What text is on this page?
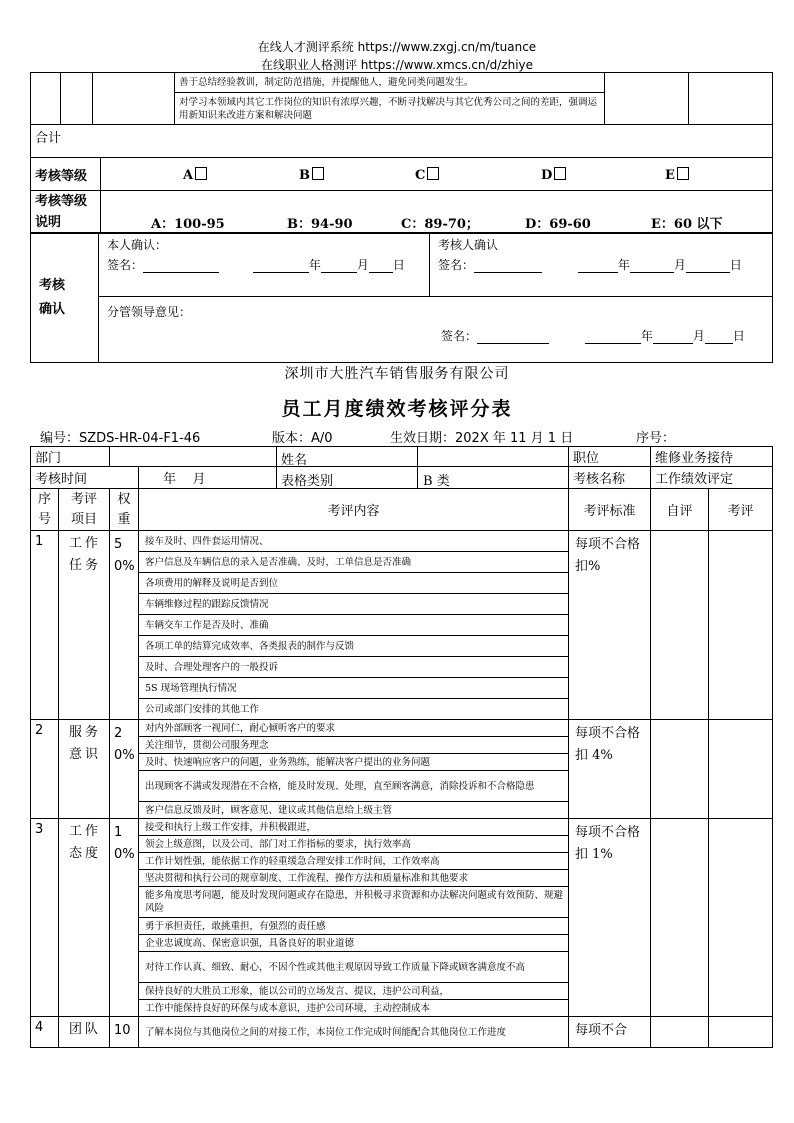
在线人才测评系统 https://www.zxgj.cn/m/tuance
在线职业人格测评 https://www.xmcs.cn/d/zhiye
			善于总结经验教训，制定防范措施，并提醒他人，避免同类问题发生。		
对学习本领域内其它工作岗位的知识有浓厚兴趣，不断寻找解决与其它优秀公司之间的差距，强调运用新知识来改进方案和解决问题
合计	
考核等级	A B C D E

考核等级说明	A：100-95 B：94-90 C：89-70； D：69-60 E：60 以下
考核确认	
本人确认：
签名：	年	月 日

考核人确认
签名：	年	月	日

分管领导意见：
签名：	年	月 日
深圳市大胜汽车销售服务有限公司
员工月度绩效考核评分表
编号：SZDS-HR-04-F1-46	版本：A/0	生效日期：202X 年 11 月 1 日	序号：
部门				姓名	职位	维修业务接待	
考核时间			年    月	表格类别 B 类	考核名称	工作绩效评定	
序号	考评项目	权重	考评内容		考评标准	自评	考评
1	工作任务	50%	接车及时、四件套运用情况、		每项不合格扣%		
			客户信息及车辆信息的录入是否准确、及时，工单信息是否准确				
			各项费用的解释及说明是否到位				
			车辆维修过程的跟踪反馈情况				
			车辆交车工作是否及时、准确				
			各项工单的结算完成效率、各类报表的制作与反馈				
			及时、合理处理客户的一般投诉				
			5S 现场管理执行情况				
			公司或部门安排的其他工作				
2	服务意识	20%	对内外部顾客一视同仁，耐心倾听客户的要求		每项不合格扣 4%		
			关注细节，贯彻公司服务理念				
			及时、快速响应客户的问题，业务熟练，能解决客户提出的业务问题				
			出现顾客不满或发现潜在不合格，能及时发现、处理，直至顾客满意，消除投诉和不合格隐患				
			客户信息反馈及时，顾客意见、建议或其他信息给上级主管				
3	工作态度	10%	接受和执行上级工作安排，并积极跟进，		每项不合格扣 1%		
			领会上级意图，以及公司、部门对工作指标的要求，执行效率高				
			工作计划性强，能依据工作的轻重缓急合理安排工作时间，工作效率高				
			坚决贯彻和执行公司的规章制度、工作流程、操作方法和质量标准和其他要求				
			能多角度思考问题，能及时发现问题或存在隐患，并积极寻求资源和办法解决问题或有效预防、规避风险				
			勇于承担责任，敢挑重担，有强烈的责任感				
			企业忠诚度高、保密意识强，具备良好的职业道德				
			对待工作认真、细致、耐心，不因个性或其他主观原因导致工作质量下降或顾客满意度不高				
			保持良好的大胜员工形象，能以公司的立场发言、提议，违护公司利益，				
			工作中能保持良好的环保与成本意识，违护公司环境，主动控制成本				
4	团队	10	了解本岗位与其他岗位之间的对接工作，本岗位工作完成时间能配合其他岗位工作进度		每项不合		
